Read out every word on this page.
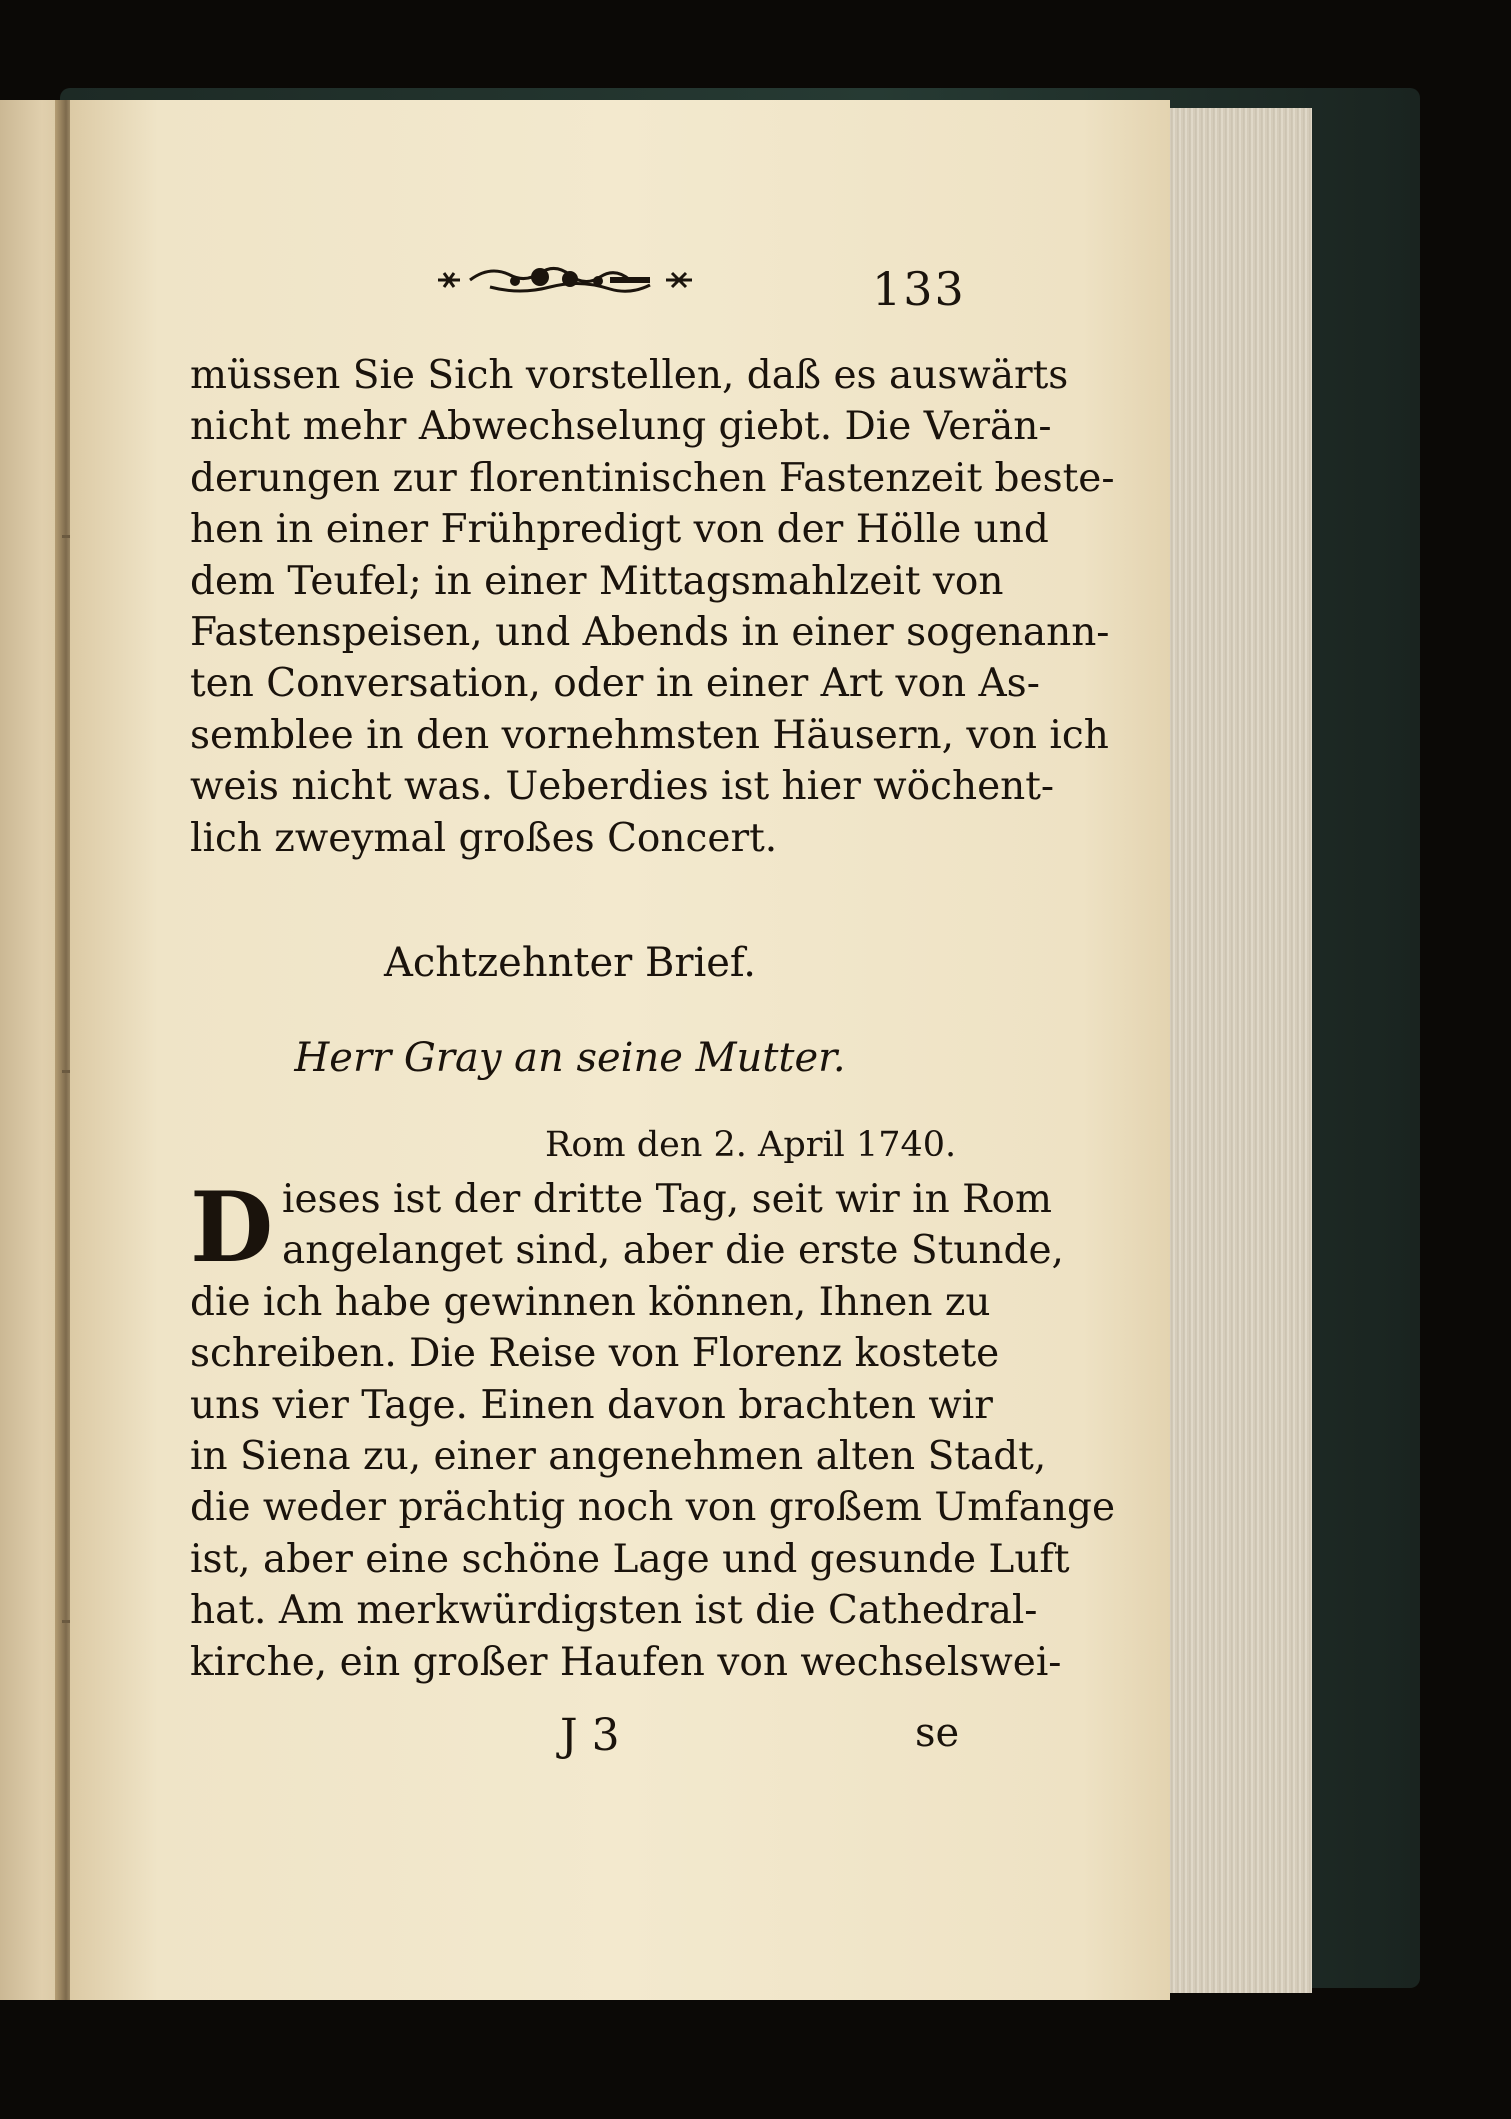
133
müssen Sie Sich vorstellen, daß es auswärts
nicht mehr Abwechselung giebt. Die Verän-
derungen zur florentinischen Fastenzeit beste-
hen in einer Frühpredigt von der Hölle und
dem Teufel; in einer Mittagsmahlzeit von
Fastenspeisen, und Abends in einer sogenann-
ten Conversation, oder in einer Art von As-
semblee in den vornehmsten Häusern, von ich
weis nicht was. Ueberdies ist hier wöchent-
lich zweymal großes Concert.
Achtzehnter Brief.
Herr Gray an seine Mutter.
Rom den 2. April 1740.
D ieses ist der dritte Tag, seit wir in Rom
angelanget sind, aber die erste Stunde,
die ich habe gewinnen können, Ihnen zu
schreiben. Die Reise von Florenz kostete
uns vier Tage. Einen davon brachten wir
in Siena zu, einer angenehmen alten Stadt,
die weder prächtig noch von großem Umfange
ist, aber eine schöne Lage und gesunde Luft
hat. Am merkwürdigsten ist die Cathedral-
kirche, ein großer Haufen von wechselswei-
J 3	se
